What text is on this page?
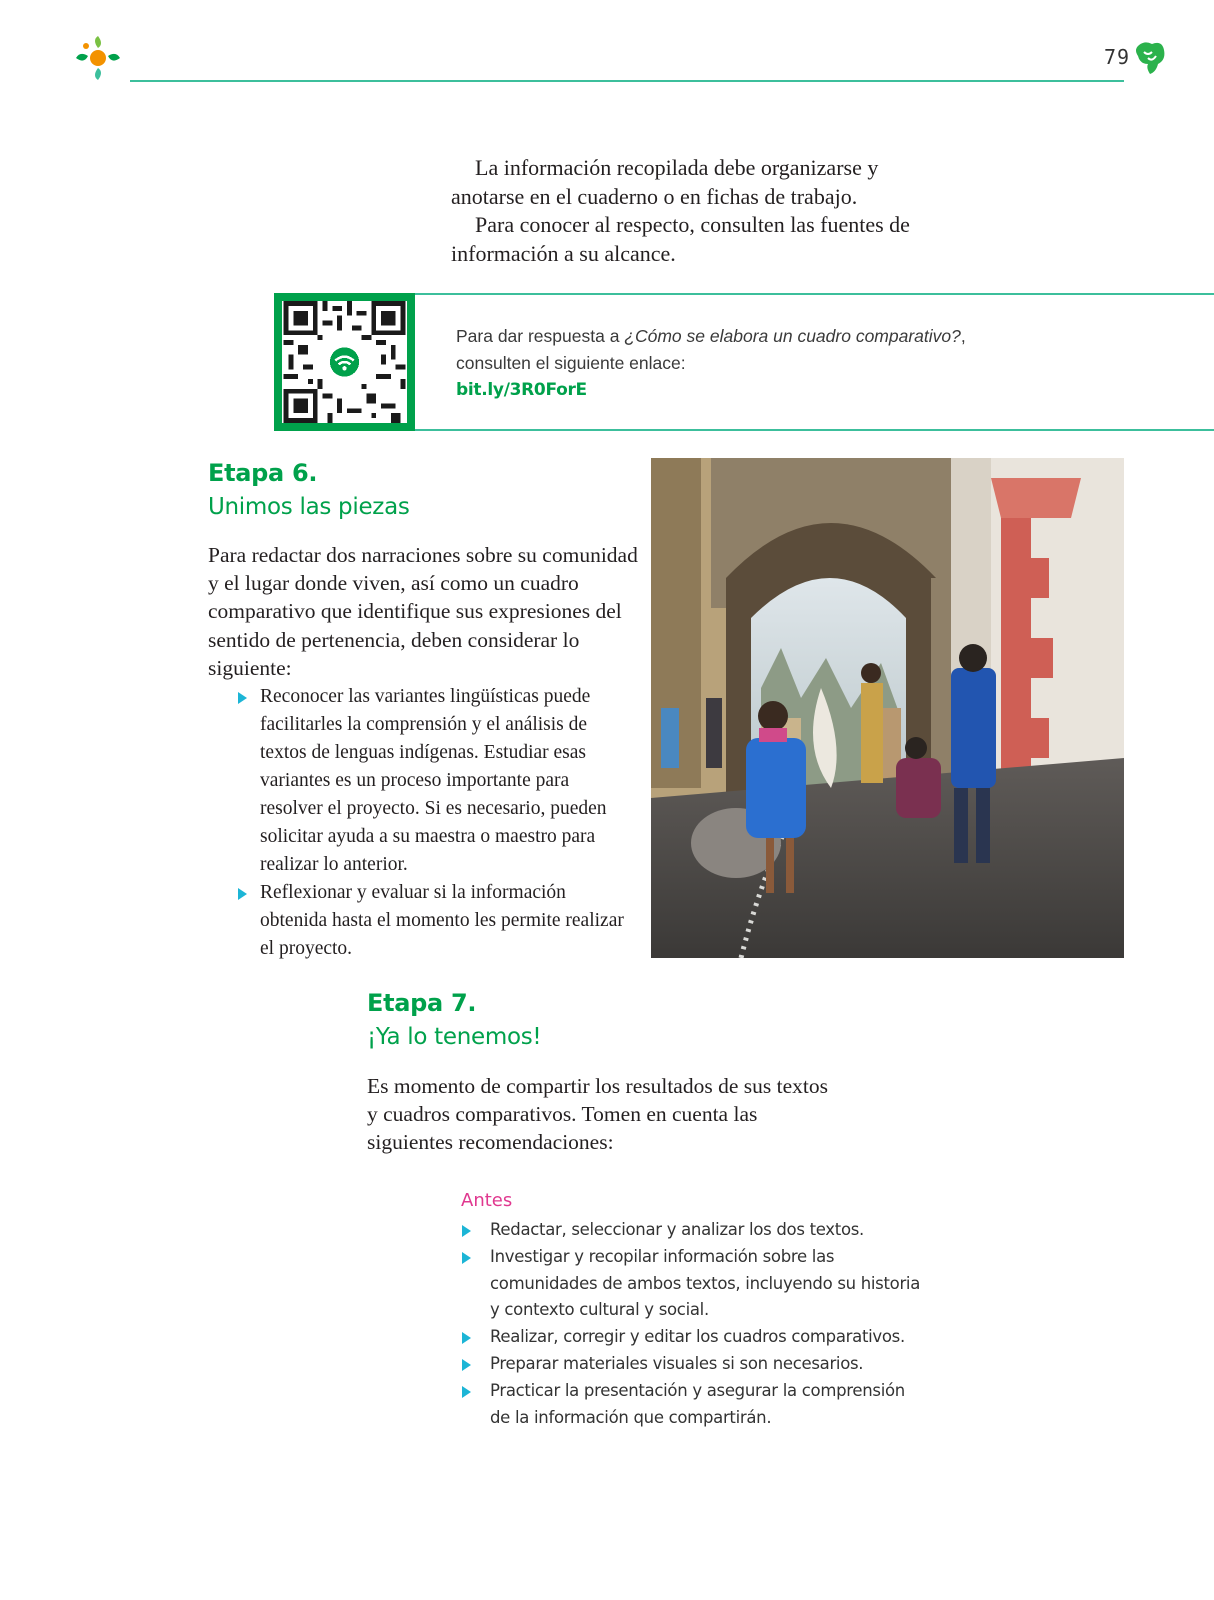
79

La información recopilada debe organizarse y anotarse en el cuaderno o en fichas de trabajo.

Para conocer al respecto, consulten las fuentes de información a su alcance.

Para dar respuesta a ¿Cómo se elabora un cuadro comparativo?,
consulten el siguiente enlace:
bit.ly/3R0ForE
Etapa 6.
Unimos las piezas
Para redactar dos narraciones sobre su comunidad y el lugar donde viven, así como un cuadro comparativo que identifique sus expresiones del sentido de pertenencia, deben considerar lo siguiente:
Reconocer las variantes lingüísticas puede facilitarles la comprensión y el análisis de textos de lenguas indígenas. Estudiar esas variantes es un proceso importante para resolver el proyecto. Si es necesario, pueden solicitar ayuda a su maestra o maestro para realizar lo anterior.
Reflexionar y evaluar si la información obtenida hasta el momento les permite realizar el proyecto.
Etapa 7.
¡Ya lo tenemos!
Es momento de compartir los resultados de sus textos y cuadros comparativos. Tomen en cuenta las siguientes recomendaciones:
Antes
Redactar, seleccionar y analizar los dos textos.
Investigar y recopilar información sobre las comunidades de ambos textos, incluyendo su historia y contexto cultural y social.
Realizar, corregir y editar los cuadros comparativos.
Preparar materiales visuales si son necesarios.
Practicar la presentación y asegurar la comprensión de la información que compartirán.
